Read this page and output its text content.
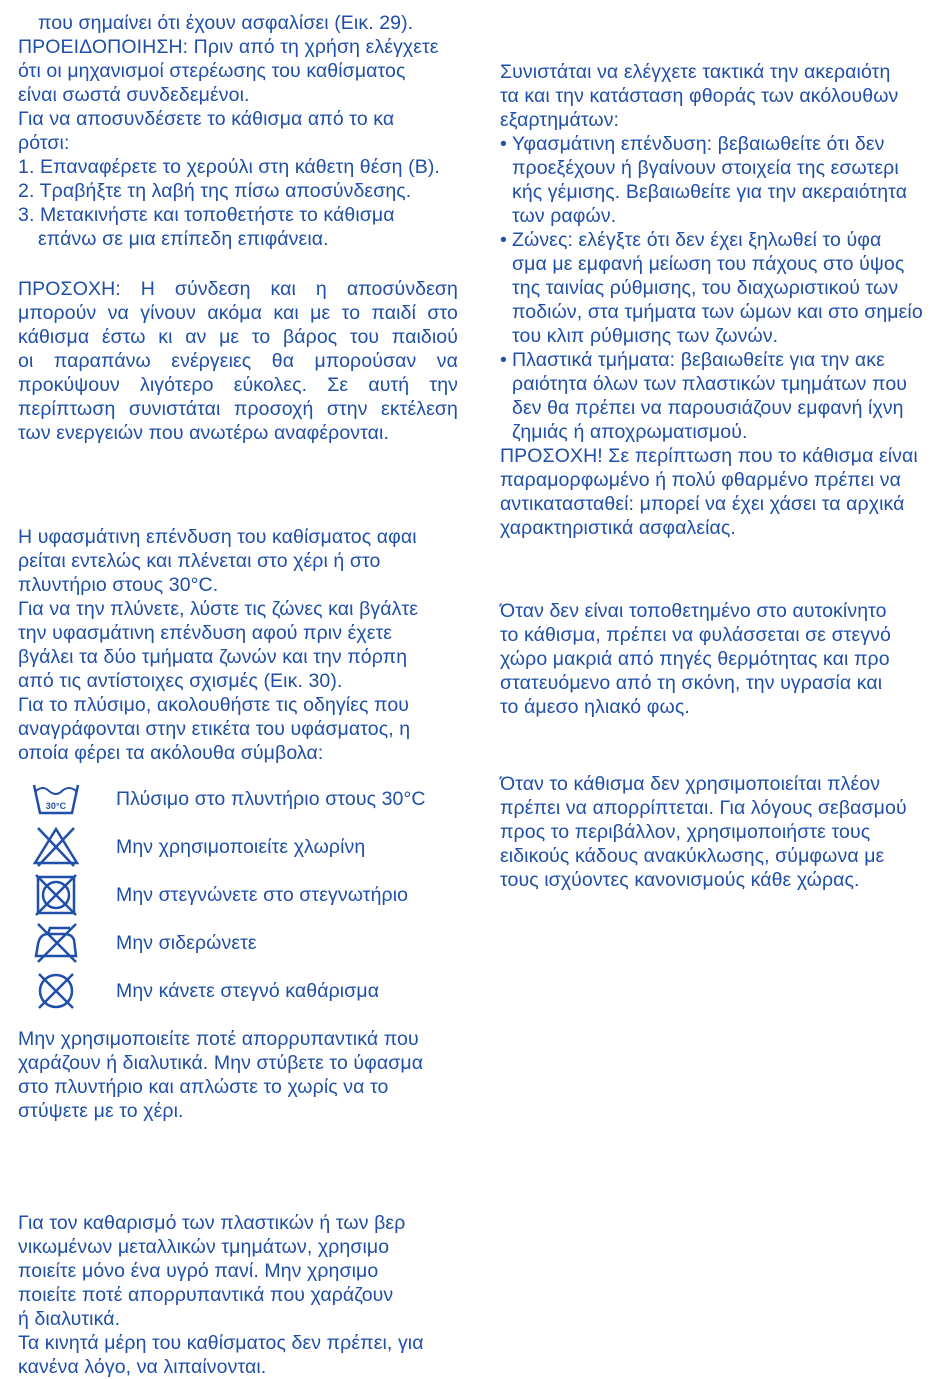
που σημαίνει ότι έχουν ασφαλίσει (Εικ. 29).
ΠΡΟΕΙΔΟΠΟΙΗΣΗ: Πριν από τη χρήση ελέγχετε
ότι οι μηχανισμοί στερέωσης του καθίσματος
είναι σωστά συνδεδεμένοι.
Για να αποσυνδέσετε το κάθισμα από το κα
ρότσι:
1. Επαναφέρετε το χερούλι στη κάθετη θέση (B).
2. Τραβήξτε τη λαβή της πίσω αποσύνδεσης.
3. Μετακινήστε και τοποθετήστε το κάθισμα
επάνω σε μια επίπεδη επιφάνεια.
ΠΡΟΣΟΧΗ: Η σύνδεση και η αποσύνδεση
μπορούν να γίνουν ακόμα και με το παιδί στο
κάθισμα έστω κι αν με το βάρος του παιδιού
οι παραπάνω ενέργειες θα μπορούσαν να
προκύψουν λιγότερο εύκολες. Σε αυτή την
περίπτωση συνιστάται προσοχή στην εκτέλεση
των ενεργειών που ανωτέρω αναφέρονται.
Η υφασμάτινη επένδυση του καθίσματος αφαι
ρείται εντελώς και πλένεται στο χέρι ή στο
πλυντήριο στους 30°C.
Για να την πλύνετε, λύστε τις ζώνες και βγάλτε
την υφασμάτινη επένδυση αφού πριν έχετε
βγάλει τα δύο τμήματα ζωνών και την πόρπη
από τις αντίστοιχες σχισμές (Εικ. 30).
Για το πλύσιμο, ακολουθήστε τις οδηγίες που
αναγράφονται στην ετικέτα του υφάσματος, η
οποία φέρει τα ακόλουθα σύμβολα:
30°C	Πλύσιμο στο πλυντήριο στους 30°C
Μην χρησιμοποιείτε χλωρίνη
Μην στεγνώνετε στο στεγνωτήριο
Μην σιδερώνετε
Μην κάνετε στεγνό καθάρισμα
Μην χρησιμοποιείτε ποτέ απορρυπαντικά που
χαράζουν ή διαλυτικά. Μην στύβετε το ύφασμα
στο πλυντήριο και απλώστε το χωρίς να το
στύψετε με το χέρι.
Για τον καθαρισμό των πλαστικών ή των βερ
νικωμένων μεταλλικών τμημάτων, χρησιμο
ποιείτε μόνο ένα υγρό πανί. Μην χρησιμο
ποιείτε ποτέ απορρυπαντικά που χαράζουν
ή διαλυτικά.
Τα κινητά μέρη του καθίσματος δεν πρέπει, για
κανένα λόγο, να λιπαίνονται.
Συνιστάται να ελέγχετε τακτικά την ακεραιότη
τα και την κατάσταση φθοράς των ακόλουθων
εξαρτημάτων:
• Υφασμάτινη επένδυση: βεβαιωθείτε ότι δεν
προεξέχουν ή βγαίνουν στοιχεία της εσωτερι
κής γέμισης. Βεβαιωθείτε για την ακεραιότητα
των ραφών.
• Ζώνες: ελέγξτε ότι δεν έχει ξηλωθεί το ύφα
σμα με εμφανή μείωση του πάχους στο ύψος
της ταινίας ρύθμισης, του διαχωριστικού των
ποδιών, στα τμήματα των ώμων και στο σημείο
του κλιπ ρύθμισης των ζωνών.
• Πλαστικά τμήματα: βεβαιωθείτε για την ακε
ραιότητα όλων των πλαστικών τμημάτων που
δεν θα πρέπει να παρουσιάζουν εμφανή ίχνη
ζημιάς ή αποχρωματισμού.
ΠΡΟΣΟΧΗ! Σε περίπτωση που το κάθισμα είναι
παραμορφωμένο ή πολύ φθαρμένο πρέπει να
αντικατασταθεί: μπορεί να έχει χάσει τα αρχικά
χαρακτηριστικά ασφαλείας.
Όταν δεν είναι τοποθετημένο στο αυτοκίνητο
το κάθισμα, πρέπει να φυλάσσεται σε στεγνό
χώρο μακριά από πηγές θερμότητας και προ
στατευόμενο από τη σκόνη, την υγρασία και
το άμεσο ηλιακό φως.
Όταν το κάθισμα δεν χρησιμοποιείται πλέον
πρέπει να απορρίπτεται. Για λόγους σεβασμού
προς το περιβάλλον, χρησιμοποιήστε τους
ειδικούς κάδους ανακύκλωσης, σύμφωνα με
τους ισχύοντες κανονισμούς κάθε χώρας.
